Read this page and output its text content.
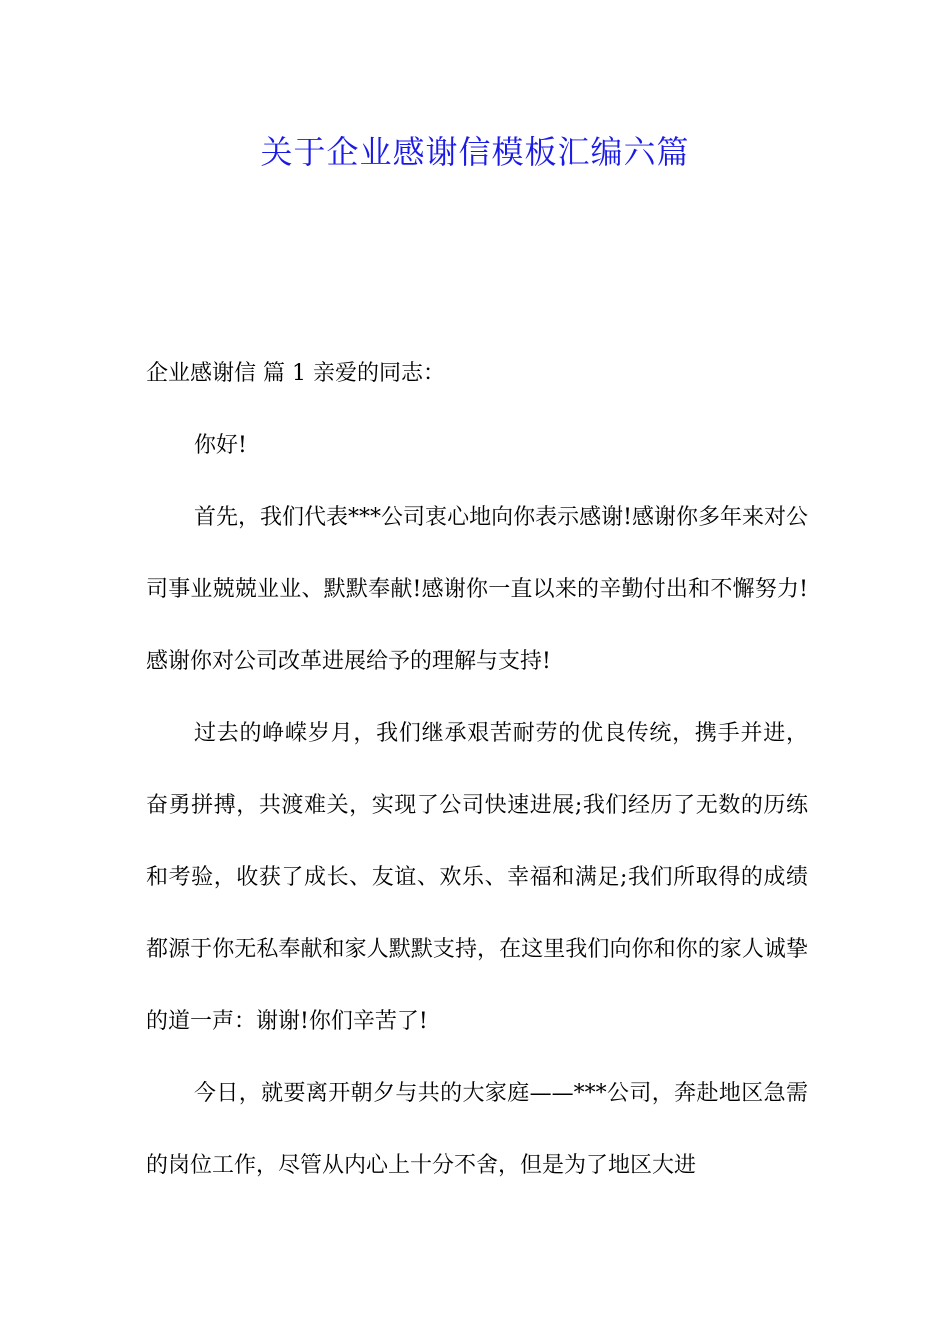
关于企业感谢信模板汇编六篇

企业感谢信 篇 1 亲爱的同志：

你好!

首先，我们代表***公司衷心地向你表示感谢!感谢你多年来对公司事业兢兢业业、默默奉献!感谢你一直以来的辛勤付出和不懈努力!感谢你对公司改革进展给予的理解与支持!

过去的峥嵘岁月，我们继承艰苦耐劳的优良传统，携手并进，奋勇拼搏，共渡难关，实现了公司快速进展;我们经历了无数的历练和考验，收获了成长、友谊、欢乐、幸福和满足;我们所取得的成绩都源于你无私奉献和家人默默支持，在这里我们向你和你的家人诚挚的道一声：谢谢!你们辛苦了!

今日，就要离开朝夕与共的大家庭——***公司，奔赴地区急需的岗位工作，尽管从内心上十分不舍，但是为了地区大进
